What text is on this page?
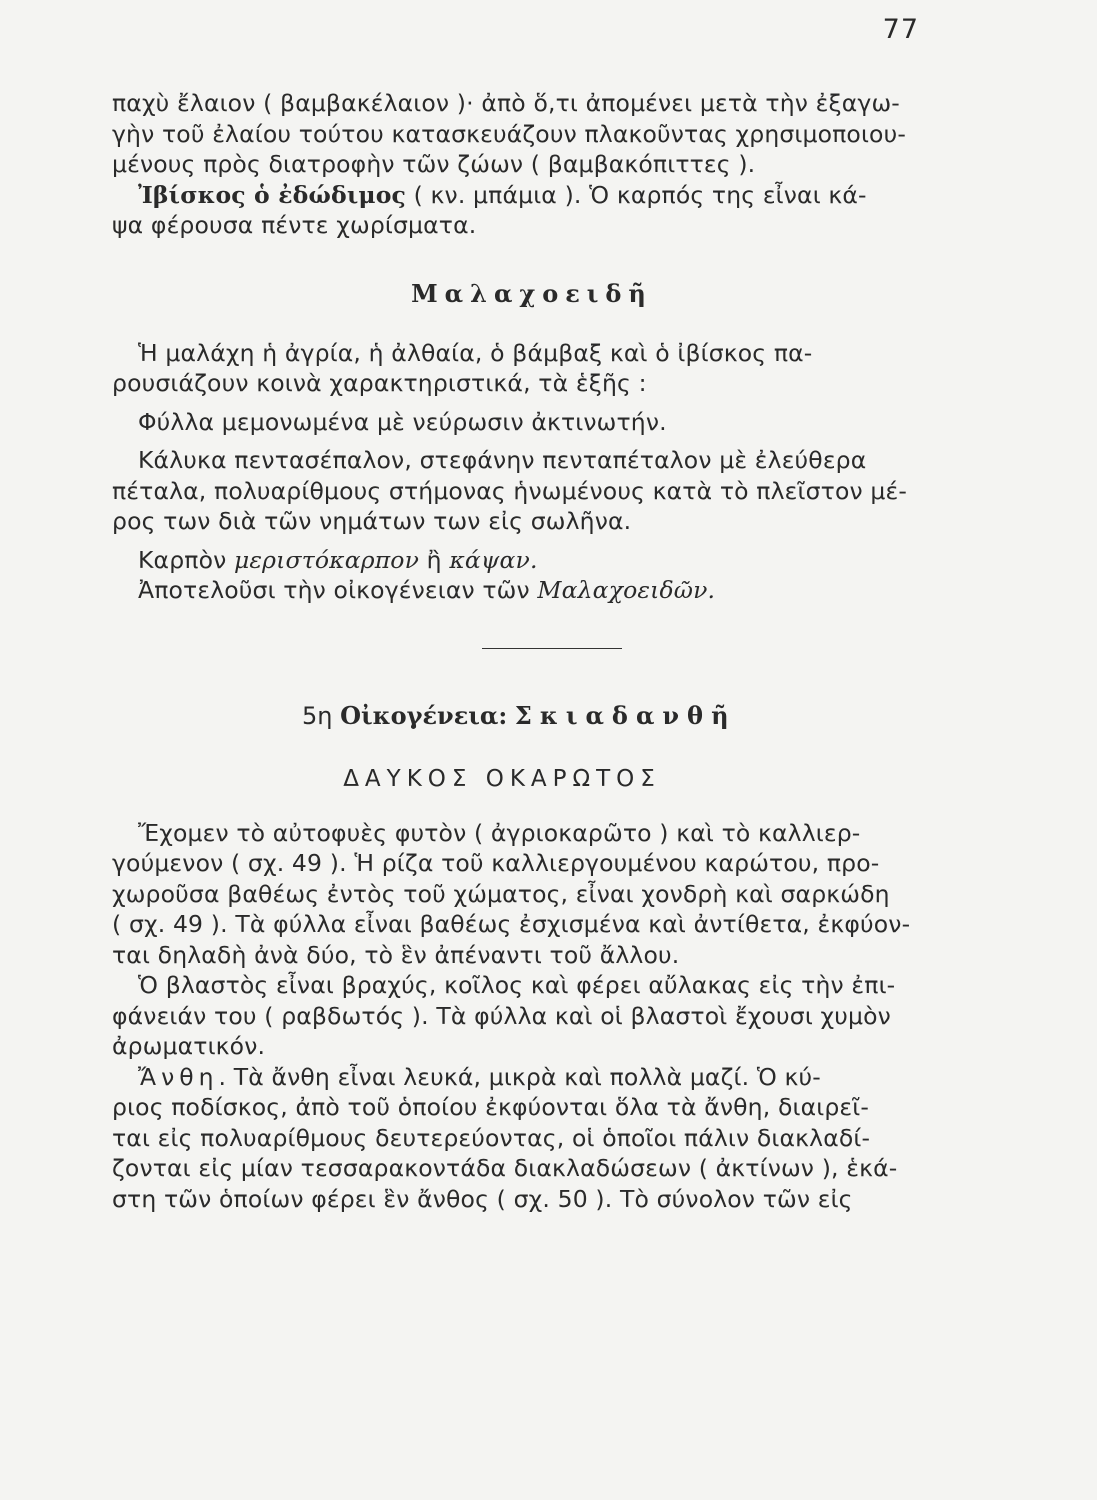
77
παχὺ ἔλαιον ( βαμβακέλαιον )· ἀπὸ ὅ,τι ἀπομένει μετὰ τὴν ἐξαγω-
γὴν τοῦ ἐλαίου τούτου κατασκευάζουν πλακοῦντας χρησιμοποιου-
μένους πρὸς διατροφὴν τῶν ζώων ( βαμβακόπιττες ).
Ἰβίσκος ὁ ἐδώδιμος ( κν. μπάμια ). Ὁ καρπός της εἶναι κά-
ψα φέρουσα πέντε χωρίσματα.
Μαλαχοειδῆ
Ἡ μαλάχη ἡ ἀγρία, ἡ ἀλθαία, ὁ βάμβαξ καὶ ὁ ἰβίσκος πα-
ρουσιάζουν κοινὰ χαρακτηριστικά, τὰ ἑξῆς :
Φύλλα μεμονωμένα μὲ νεύρωσιν ἀκτινωτήν.
Κάλυκα πεντασέπαλον, στεφάνην πενταπέταλον μὲ ἐλεύθερα
πέταλα, πολυαρίθμους στήμονας ἡνωμένους κατὰ τὸ πλεῖστον μέ-
ρος των διὰ τῶν νημάτων των εἰς σωλῆνα.
Καρπὸν μεριστόκαρπον ἢ κάψαν.
Ἀποτελοῦσι τὴν οἰκογένειαν τῶν Μαλαχοειδῶν.
5η Οἰκογένεια: Σκιαδανθῆ
ΔΑΥΚΟΣ ΟΚΑΡΩΤΟΣ
Ἔχομεν τὸ αὐτοφυὲς φυτὸν ( ἀγριοκαρῶτο ) καὶ τὸ καλλιερ-
γούμενον ( σχ. 49 ). Ἡ ρίζα τοῦ καλλιεργουμένου καρώτου, προ-
χωροῦσα βαθέως ἐντὸς τοῦ χώματος, εἶναι χονδρὴ καὶ σαρκώδη
( σχ. 49 ). Τὰ φύλλα εἶναι βαθέως ἐσχισμένα καὶ ἀντίθετα, ἐκφύον-
ται δηλαδὴ ἀνὰ δύο, τὸ ἓν ἀπέναντι τοῦ ἄλλου.
Ὁ βλαστὸς εἶναι βραχύς, κοῖλος καὶ φέρει αὔλακας εἰς τὴν ἐπι-
φάνειάν του ( ραβδωτός ). Τὰ φύλλα καὶ οἱ βλαστοὶ ἔχουσι χυμὸν
ἀρωματικόν.
Ἄνθη. Τὰ ἄνθη εἶναι λευκά, μικρὰ καὶ πολλὰ μαζί. Ὁ κύ-
ριος ποδίσκος, ἀπὸ τοῦ ὁποίου ἐκφύονται ὅλα τὰ ἄνθη, διαιρεῖ-
ται εἰς πολυαρίθμους δευτερεύοντας, οἱ ὁποῖοι πάλιν διακλαδί-
ζονται εἰς μίαν τεσσαρακοντάδα διακλαδώσεων ( ἀκτίνων ), ἑκά-
στη τῶν ὁποίων φέρει ἓν ἄνθος ( σχ. 50 ). Τὸ σύνολον τῶν εἰς
